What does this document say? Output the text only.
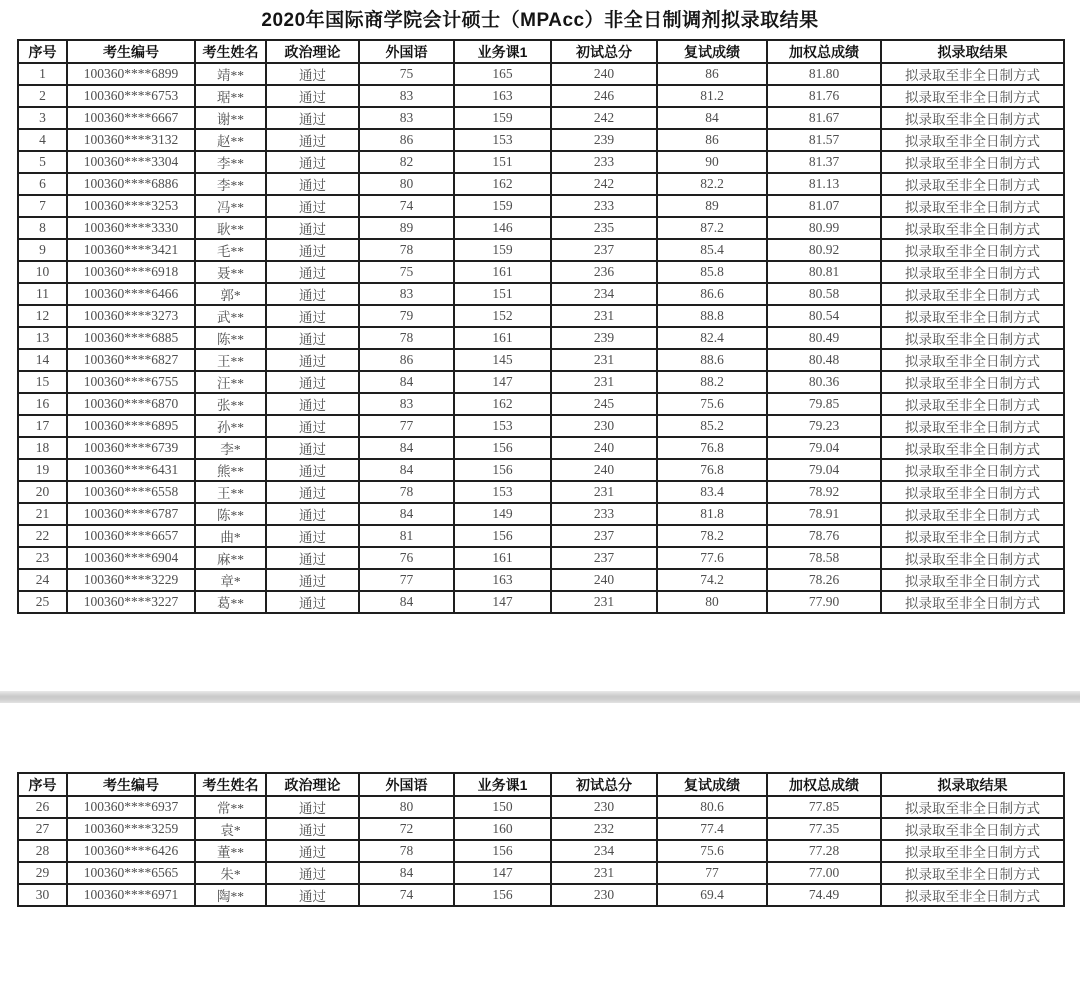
2020年国际商学院会计硕士（MPAcc）非全日制调剂拟录取结果
序号	考生编号	考生姓名	政治理论	外国语	业务课1	初试总分	复试成绩	加权总成绩	拟录取结果
1	100360****6899	靖**	通过	75	165	240	86	81.80	拟录取至非全日制方式
2	100360****6753	琚**	通过	83	163	246	81.2	81.76	拟录取至非全日制方式
3	100360****6667	谢**	通过	83	159	242	84	81.67	拟录取至非全日制方式
4	100360****3132	赵**	通过	86	153	239	86	81.57	拟录取至非全日制方式
5	100360****3304	李**	通过	82	151	233	90	81.37	拟录取至非全日制方式
6	100360****6886	李**	通过	80	162	242	82.2	81.13	拟录取至非全日制方式
7	100360****3253	冯**	通过	74	159	233	89	81.07	拟录取至非全日制方式
8	100360****3330	耿**	通过	89	146	235	87.2	80.99	拟录取至非全日制方式
9	100360****3421	毛**	通过	78	159	237	85.4	80.92	拟录取至非全日制方式
10	100360****6918	聂**	通过	75	161	236	85.8	80.81	拟录取至非全日制方式
11	100360****6466	郭*	通过	83	151	234	86.6	80.58	拟录取至非全日制方式
12	100360****3273	武**	通过	79	152	231	88.8	80.54	拟录取至非全日制方式
13	100360****6885	陈**	通过	78	161	239	82.4	80.49	拟录取至非全日制方式
14	100360****6827	王**	通过	86	145	231	88.6	80.48	拟录取至非全日制方式
15	100360****6755	汪**	通过	84	147	231	88.2	80.36	拟录取至非全日制方式
16	100360****6870	张**	通过	83	162	245	75.6	79.85	拟录取至非全日制方式
17	100360****6895	孙**	通过	77	153	230	85.2	79.23	拟录取至非全日制方式
18	100360****6739	李*	通过	84	156	240	76.8	79.04	拟录取至非全日制方式
19	100360****6431	熊**	通过	84	156	240	76.8	79.04	拟录取至非全日制方式
20	100360****6558	王**	通过	78	153	231	83.4	78.92	拟录取至非全日制方式
21	100360****6787	陈**	通过	84	149	233	81.8	78.91	拟录取至非全日制方式
22	100360****6657	曲*	通过	81	156	237	78.2	78.76	拟录取至非全日制方式
23	100360****6904	麻**	通过	76	161	237	77.6	78.58	拟录取至非全日制方式
24	100360****3229	章*	通过	77	163	240	74.2	78.26	拟录取至非全日制方式
25	100360****3227	葛**	通过	84	147	231	80	77.90	拟录取至非全日制方式
序号	考生编号	考生姓名	政治理论	外国语	业务课1	初试总分	复试成绩	加权总成绩	拟录取结果
26	100360****6937	常**	通过	80	150	230	80.6	77.85	拟录取至非全日制方式
27	100360****3259	袁*	通过	72	160	232	77.4	77.35	拟录取至非全日制方式
28	100360****6426	董**	通过	78	156	234	75.6	77.28	拟录取至非全日制方式
29	100360****6565	朱*	通过	84	147	231	77	77.00	拟录取至非全日制方式
30	100360****6971	陶**	通过	74	156	230	69.4	74.49	拟录取至非全日制方式
